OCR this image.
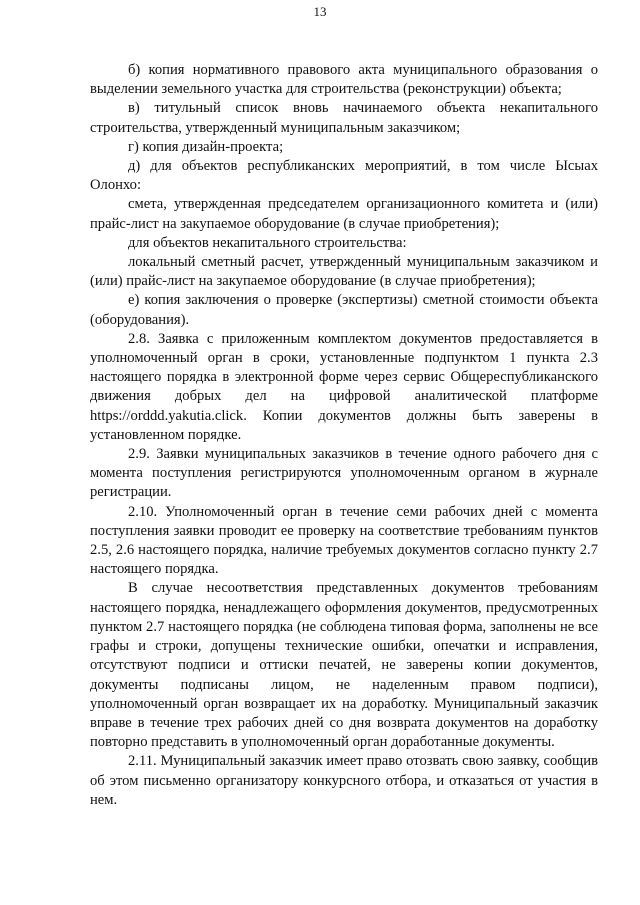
13

б) копия нормативного правового акта муниципального образования о выделении земельного участка для строительства (реконструкции) объекта;

в) титульный список вновь начинаемого объекта некапитального строительства, утвержденный муниципальным заказчиком;

г) копия дизайн-проекта;

д) для объектов республиканских мероприятий, в том числе Ысыах Олонхо:

смета, утвержденная председателем организационного комитета и (или) прайс-лист на закупаемое оборудование (в случае приобретения);

для объектов некапитального строительства:

локальный сметный расчет, утвержденный муниципальным заказчиком и (или) прайс-лист на закупаемое оборудование (в случае приобретения);

е) копия заключения о проверке (экспертизы) сметной стоимости объекта (оборудования).

2.8. Заявка с приложенным комплектом документов предоставляется в уполномоченный орган в сроки, установленные подпунктом 1 пункта 2.3 настоящего порядка в электронной форме через сервис Общереспубликанского движения добрых дел на цифровой аналитической платформе https://orddd.yakutia.click. Копии документов должны быть заверены в установленном порядке.

2.9. Заявки муниципальных заказчиков в течение одного рабочего дня с момента поступления регистрируются уполномоченным органом в журнале регистрации.

2.10. Уполномоченный орган в течение семи рабочих дней с момента поступления заявки проводит ее проверку на соответствие требованиям пунктов 2.5, 2.6 настоящего порядка, наличие требуемых документов согласно пункту 2.7 настоящего порядка.

В случае несоответствия представленных документов требованиям настоящего порядка, ненадлежащего оформления документов, предусмотренных пунктом 2.7 настоящего порядка (не соблюдена типовая форма, заполнены не все графы и строки, допущены технические ошибки, опечатки и исправления, отсутствуют подписи и оттиски печатей, не заверены копии документов, документы подписаны лицом, не наделенным правом подписи), уполномоченный орган возвращает их на доработку. Муниципальный заказчик вправе в течение трех рабочих дней со дня возврата документов на доработку повторно представить в уполномоченный орган доработанные документы.

2.11. Муниципальный заказчик имеет право отозвать свою заявку, сообщив об этом письменно организатору конкурсного отбора, и отказаться от участия в нем.
